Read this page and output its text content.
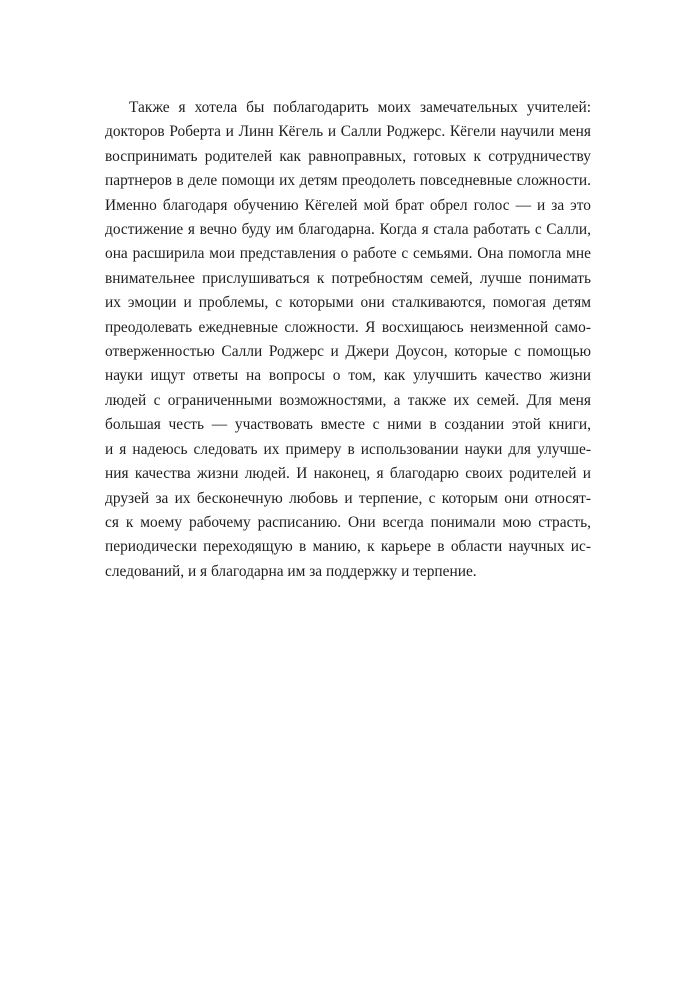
Также я хотела бы поблагодарить моих замечательных учителей:
докторов Роберта и Линн Кёгель и Салли Роджерс. Кёгели научили меня
воспринимать родителей как равноправных, готовых к сотрудничеству
партнеров в деле помощи их детям преодолеть повседневные сложности.
Именно благодаря обучению Кёгелей мой брат обрел голос — и за это
достижение я вечно буду им благодарна. Когда я стала работать с Салли,
она расширила мои представления о работе с семьями. Она помогла мне
внимательнее прислушиваться к потребностям семей, лучше понимать
их эмоции и проблемы, с которыми они сталкиваются, помогая детям
преодолевать ежедневные сложности. Я восхищаюсь неизменной само-
отверженностью Салли Роджерс и Джери Доусон, которые с помощью
науки ищут ответы на вопросы о том, как улучшить качество жизни
людей с ограниченными возможностями, а также их семей. Для меня
большая честь — участвовать вместе с ними в создании этой книги,
и я надеюсь следовать их примеру в использовании науки для улучше-
ния качества жизни людей. И наконец, я благодарю своих родителей и
друзей за их бесконечную любовь и терпение, с которым они относят-
ся к моему рабочему расписанию. Они всегда понимали мою страсть,
периодически переходящую в манию, к карьере в области научных ис-
следований, и я благодарна им за поддержку и терпение.
